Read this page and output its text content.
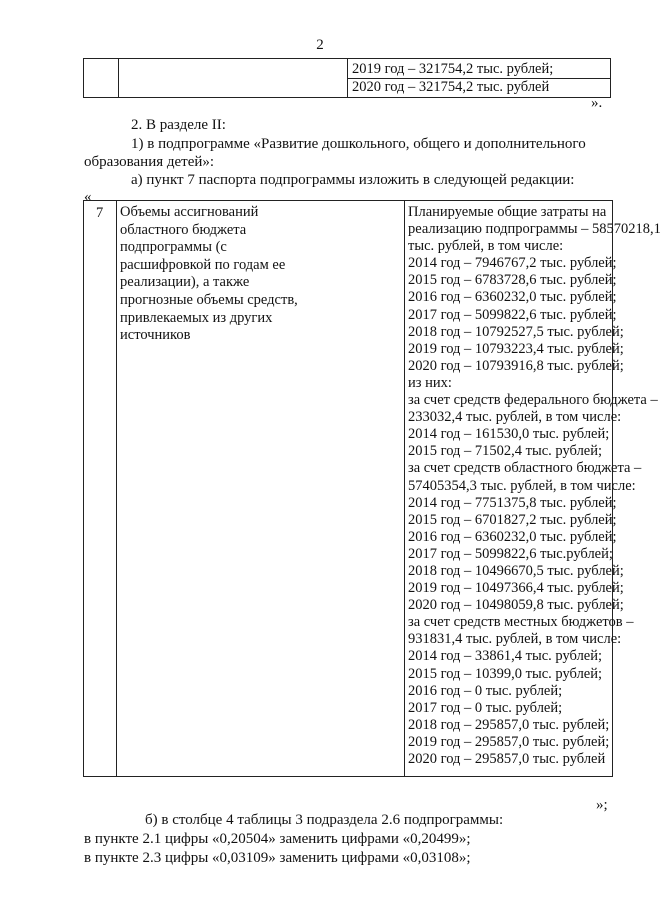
2
2019 год – 321754,2 тыс. рублей;
2020 год – 321754,2 тыс. рублей
».
2. В разделе II:
1) в подпрограмме «Развитие дошкольного, общего и дополнительного
образования детей»:
а) пункт 7 паспорта подпрограммы изложить в следующей редакции:
«
7 Объемы ассигнований
областного бюджета
подпрограммы (с
расшифровкой по годам ее
реализации), а также
прогнозные объемы средств,
привлекаемых из других
источников
Планируемые общие затраты на
реализацию подпрограммы – 58570218,1
тыс. рублей, в том числе:
2014 год – 7946767,2 тыс. рублей;
2015 год – 6783728,6 тыс. рублей;
2016 год – 6360232,0 тыс. рублей;
2017 год – 5099822,6 тыс. рублей;
2018 год – 10792527,5 тыс. рублей;
2019 год – 10793223,4 тыс. рублей;
2020 год – 10793916,8 тыс. рублей;
из них:
за счет средств федерального бюджета –
233032,4 тыс. рублей, в том числе:
2014 год – 161530,0 тыс. рублей;
2015 год – 71502,4 тыс. рублей;
за счет средств областного бюджета –
57405354,3 тыс. рублей, в том числе:
2014 год – 7751375,8 тыс. рублей;
2015 год – 6701827,2 тыс. рублей;
2016 год – 6360232,0 тыс. рублей;
2017 год – 5099822,6 тыс.рублей;
2018 год – 10496670,5 тыс. рублей;
2019 год – 10497366,4 тыс. рублей;
2020 год – 10498059,8 тыс. рублей;
за счет средств местных бюджетов –
931831,4 тыс. рублей, в том числе:
2014 год – 33861,4 тыс. рублей;
2015 год – 10399,0 тыс. рублей;
2016 год – 0 тыс. рублей;
2017 год – 0 тыс. рублей;
2018 год – 295857,0 тыс. рублей;
2019 год – 295857,0 тыс. рублей;
2020 год – 295857,0 тыс. рублей
»;
б) в столбце 4 таблицы 3 подраздела 2.6 подпрограммы:
в пункте 2.1 цифры «0,20504» заменить цифрами «0,20499»;
в пункте 2.3 цифры «0,03109» заменить цифрами «0,03108»;
